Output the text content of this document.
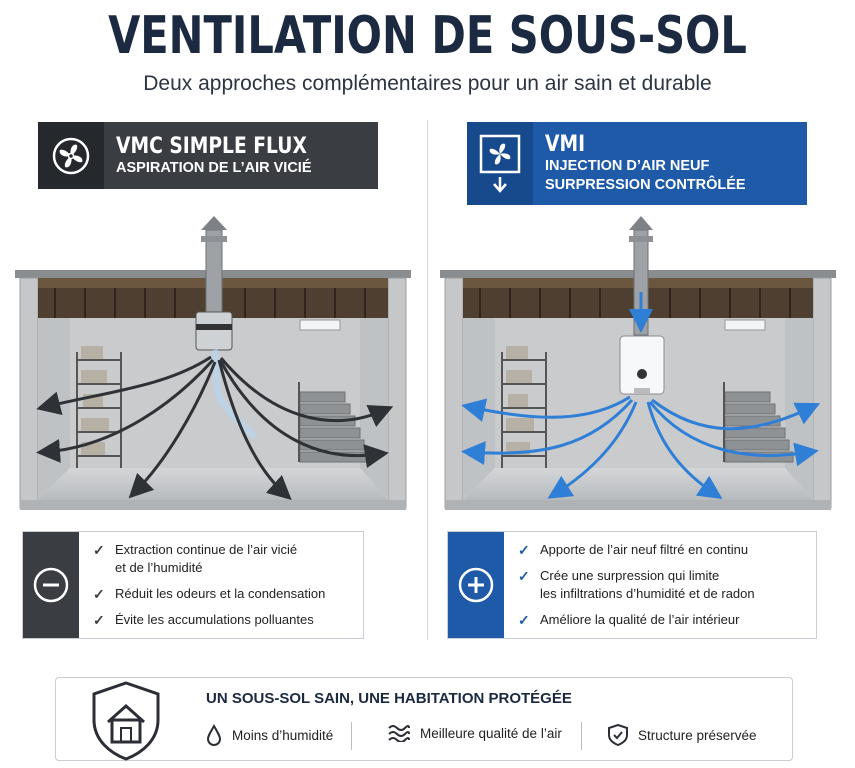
VENTILATION DE SOUS-SOL
Deux approches complémentaires pour un air sain et durable
VMC SIMPLE FLUX
ASPIRATION DE L’AIR VICIÉ
VMI
INJECTION D’AIR NEUF
SURPRESSION CONTRÔLÉE
✓ Extraction continue de l’air vicié
et de l’humidité
✓ Réduit les odeurs et la condensation
✓ Évite les accumulations polluantes
✓ Apporte de l’air neuf filtré en continu
✓ Crée une surpression qui limite
les infiltrations d’humidité et de radon
✓ Améliore la qualité de l’air intérieur
UN SOUS-SOL SAIN, UNE HABITATION PROTÉGÉE
Moins d’humidité	Meilleure qualité de l’air	Structure préservée
